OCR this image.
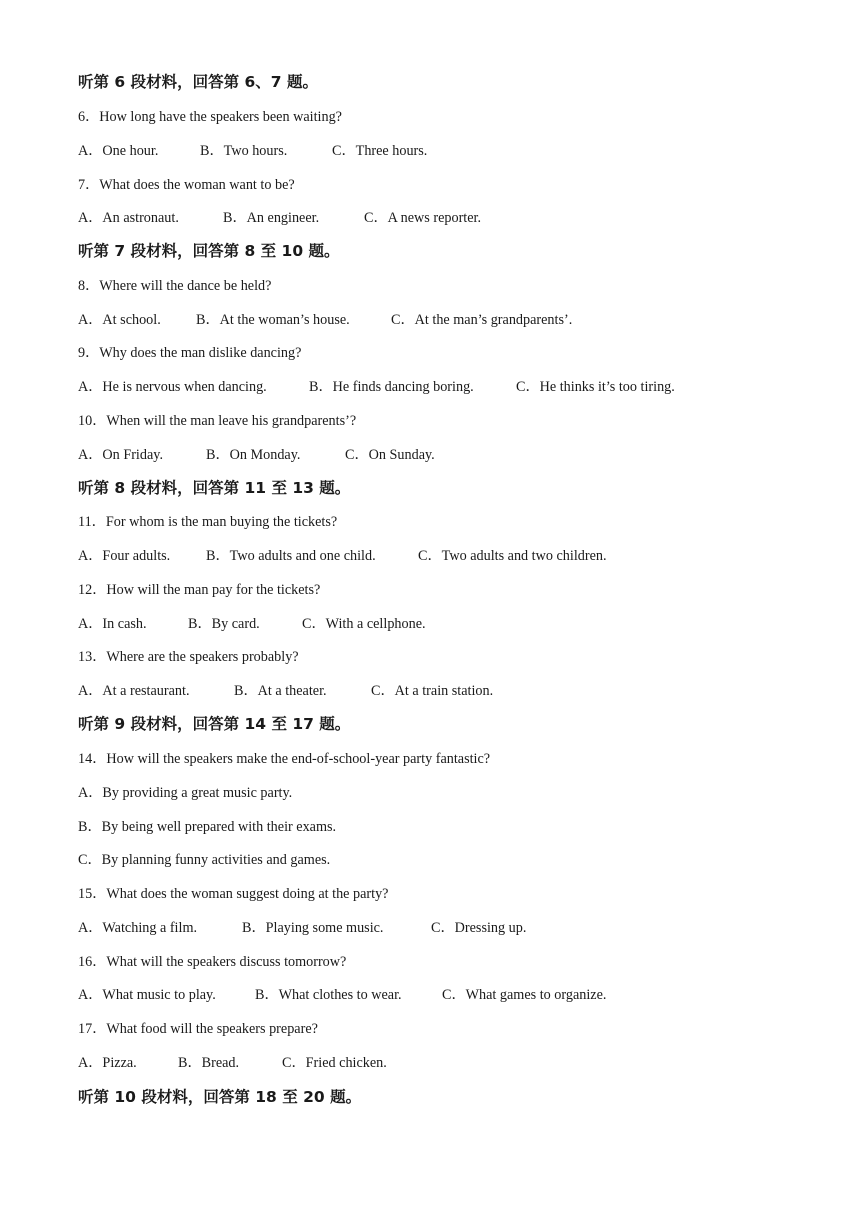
听第 6 段材料，回答第 6、7 题。
6．How long have the speakers been waiting?
A．One hour.	B．Two hours.	C．Three hours.
7．What does the woman want to be?
A．An astronaut.	B．An engineer.	C．A news reporter.
听第 7 段材料，回答第 8 至 10 题。
8．Where will the dance be held?
A．At school. B．At the woman’s house.	C．At the man’s grandparents’.
9．Why does the man dislike dancing?
A．He is nervous when dancing.	B．He finds dancing boring.	C．He thinks it’s too tiring.
10．When will the man leave his grandparents’?
A．On Friday.	B．On Monday.	C．On Sunday.
听第 8 段材料，回答第 11 至 13 题。
11．For whom is the man buying the tickets?
A．Four adults.	B．Two adults and one child.	C．Two adults and two children.
12．How will the man pay for the tickets?
A．In cash.	B．By card.	C．With a cellphone.
13．Where are the speakers probably?
A．At a restaurant.	B．At a theater.	C．At a train station.
听第 9 段材料，回答第 14 至 17 题。
14．How will the speakers make the end-of-school-year party fantastic?
A．By providing a great music party.
B．By being well prepared with their exams.
C．By planning funny activities and games.
15．What does the woman suggest doing at the party?
A．Watching a film.	B．Playing some music.	C．Dressing up.
16．What will the speakers discuss tomorrow?
A．What music to play.	B．What clothes to wear.	C．What games to organize.
17．What food will the speakers prepare?
A．Pizza.	B．Bread.	C．Fried chicken.
听第 10 段材料，回答第 18 至 20 题。
